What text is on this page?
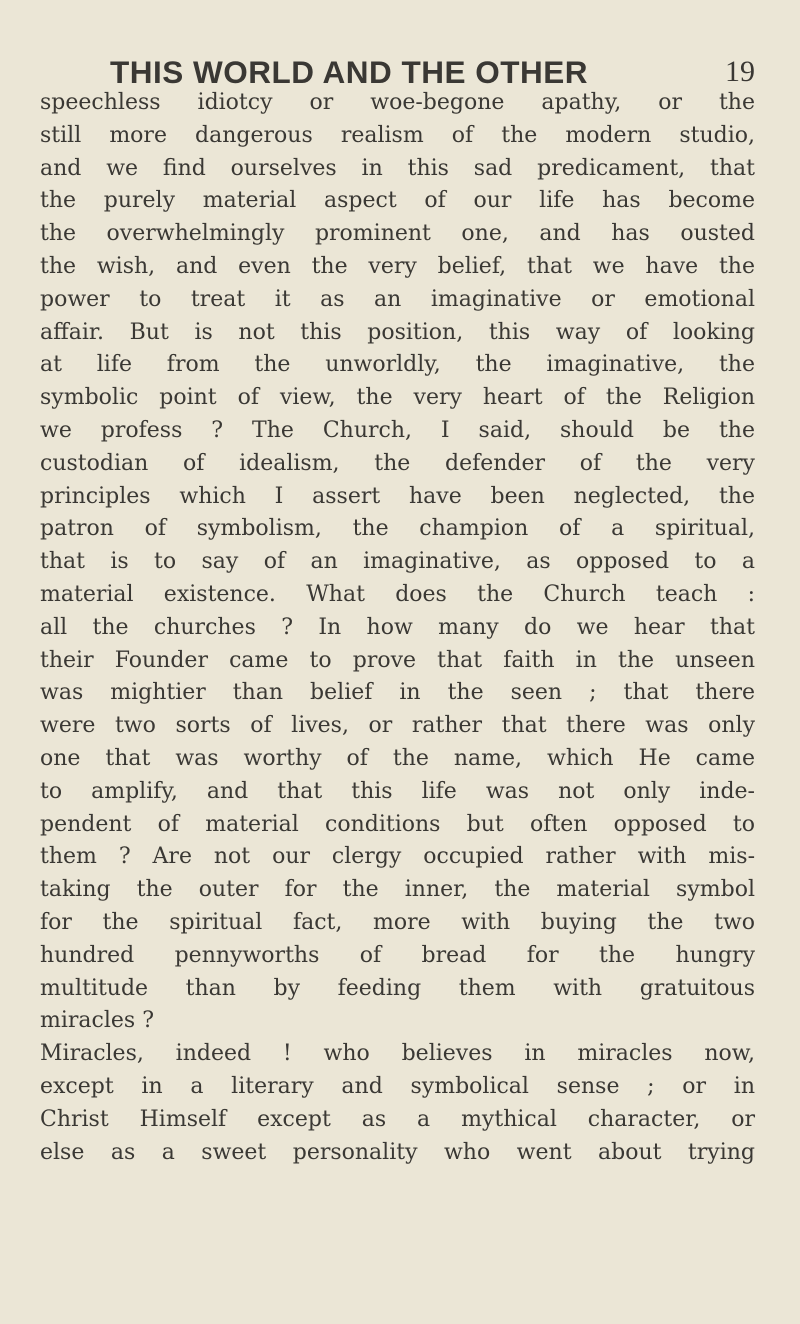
THIS WORLD AND THE OTHER	19
speechless idiotcy or woe-begone apathy, or the
still more dangerous realism of the modern studio,
and we find ourselves in this sad predicament, that
the purely material aspect of our life has become
the overwhelmingly prominent one, and has ousted
the wish, and even the very belief, that we have the
power to treat it as an imaginative or emotional
affair. But is not this position, this way of looking
at life from the unworldly, the imaginative, the
symbolic point of view, the very heart of the Religion
we profess ? The Church, I said, should be the
custodian of idealism, the defender of the very
principles which I assert have been neglected, the
patron of symbolism, the champion of a spiritual,
that is to say of an imaginative, as opposed to a
material existence. What does the Church teach :
all the churches ? In how many do we hear that
their Founder came to prove that faith in the unseen
was mightier than belief in the seen ; that there
were two sorts of lives, or rather that there was only
one that was worthy of the name, which He came
to amplify, and that this life was not only inde-
pendent of material conditions but often opposed to
them ? Are not our clergy occupied rather with mis-
taking the outer for the inner, the material symbol
for the spiritual fact, more with buying the two
hundred pennyworths of bread for the hungry
multitude than by feeding them with gratuitous
miracles ?
Miracles, indeed ! who believes in miracles now,
except in a literary and symbolical sense ; or in
Christ Himself except as a mythical character, or
else as a sweet personality who went about trying
